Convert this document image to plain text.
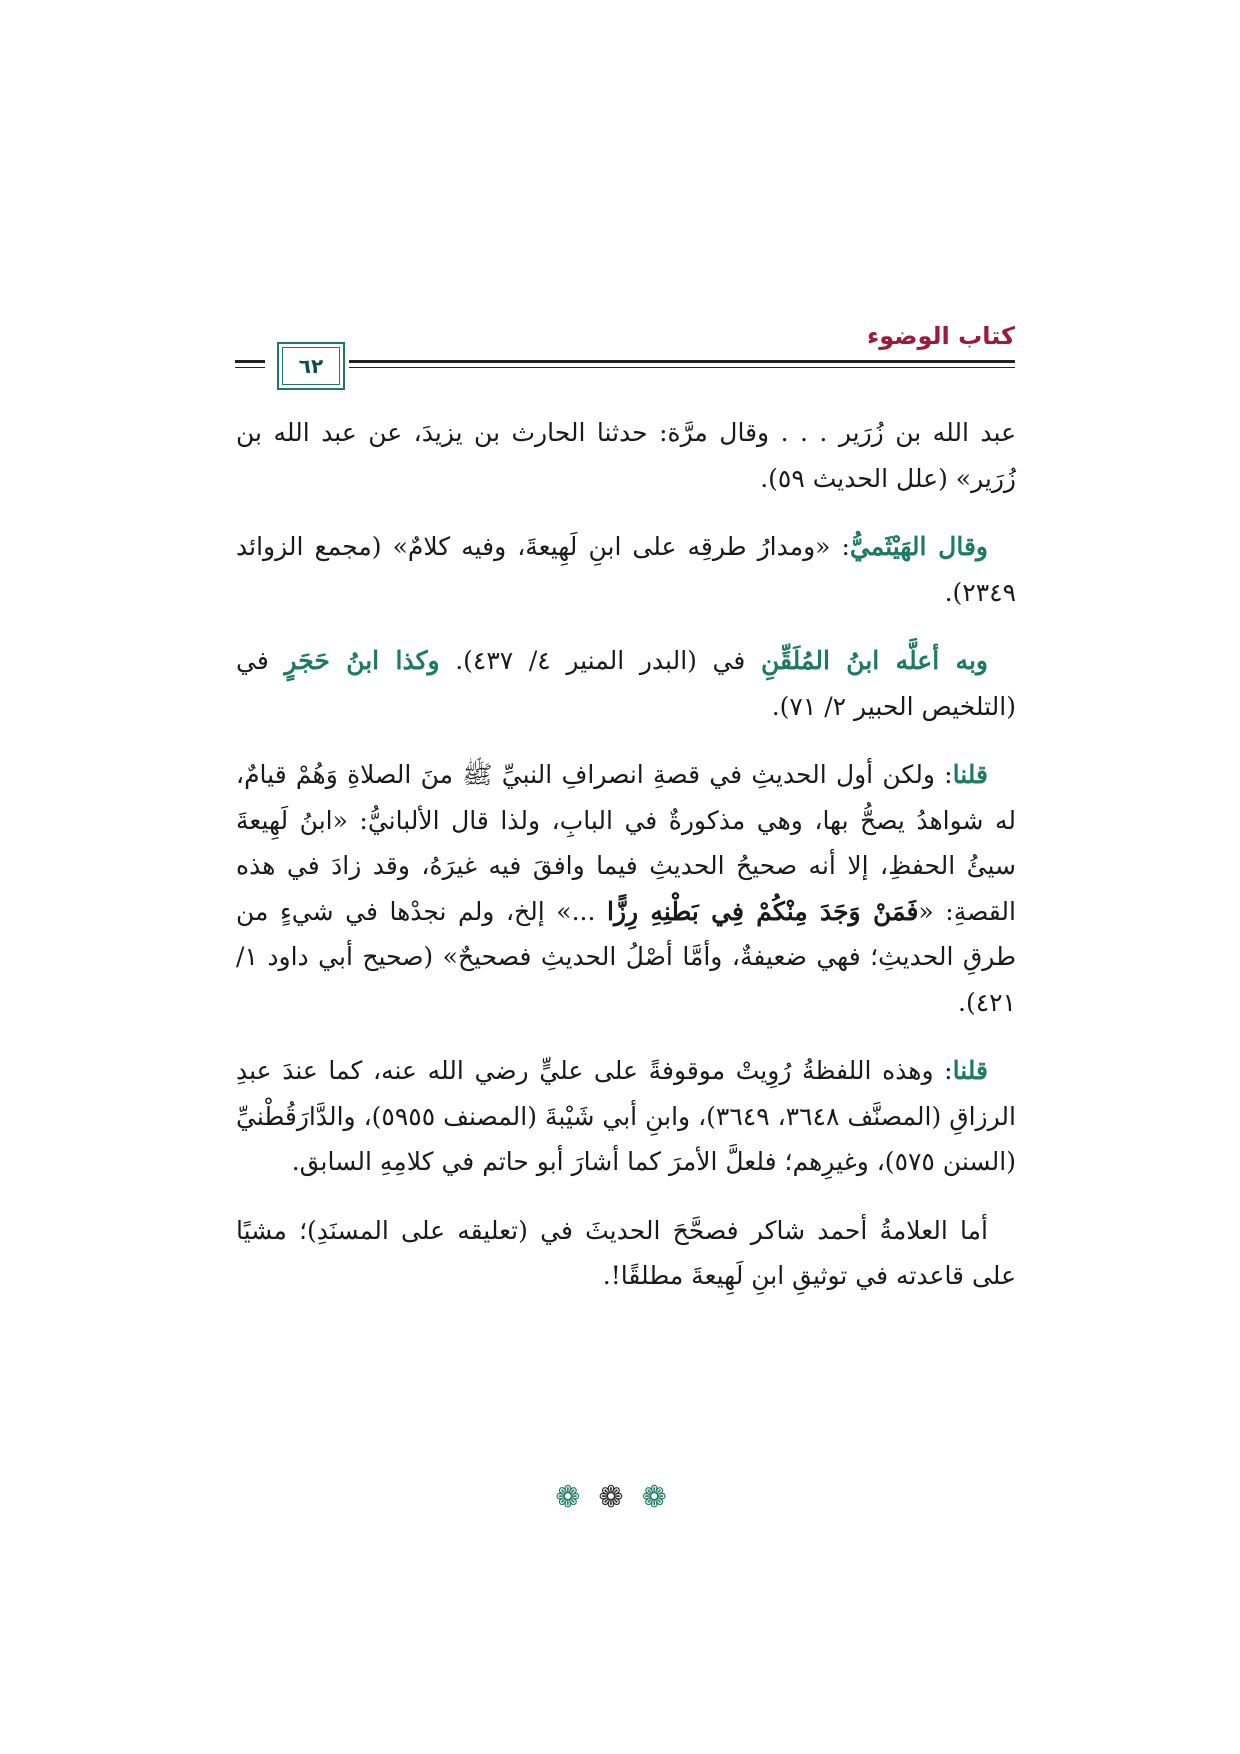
كتاب الوضوء
٦٢

عبد الله بن زُرَير . . . وقال مرَّة: حدثنا الحارث بن يزيدَ، عن عبد الله بن زُرَير» (علل الحديث ٥٩).

وقال الهَيْثَميُّ: «ومدارُ طرقِه على ابنِ لَهِيعةَ، وفيه كلامٌ» (مجمع الزوائد ٢٣٤٩).

وبه أعلَّه ابنُ المُلَقِّنِ في (البدر المنير ٤/ ٤٣٧). وكذا ابنُ حَجَرٍ في (التلخيص الحبير ٢/ ٧١).

قلنا: ولكن أول الحديثِ في قصةِ انصرافِ النبيِّ ﷺ منَ الصلاةِ وَهُمْ قيامٌ، له شواهدُ يصحُّ بها، وهي مذكورةٌ في البابِ، ولذا قال الألبانيُّ: «ابنُ لَهِيعةَ سيئُ الحفظِ، إلا أنه صحيحُ الحديثِ فيما وافقَ فيه غيرَهُ، وقد زادَ في هذه القصةِ: «فَمَنْ وَجَدَ مِنْكُمْ فِي بَطْنِهِ رِزًّا ...» إلخ، ولم نجدْها في شيءٍ من طرقِ الحديثِ؛ فهي ضعيفةٌ، وأمَّا أصْلُ الحديثِ فصحيحٌ» (صحيح أبي داود ١/ ٤٢١).

قلنا: وهذه اللفظةُ رُوِيتْ موقوفةً على عليٍّ رضي الله عنه، كما عندَ عبدِ الرزاقِ (المصنَّف ٣٦٤٨، ٣٦٤٩)، وابنِ أبي شَيْبةَ (المصنف ٥٩٥٥)، والدَّارَقُطْنيِّ (السنن ٥٧٥)، وغيرِهم؛ فلعلَّ الأمرَ كما أشارَ أبو حاتم في كلامِهِ السابق.

أما العلامةُ أحمد شاكر فصحَّحَ الحديثَ في (تعليقه على المسنَدِ)؛ مشيًا على قاعدته في توثيقِ ابنِ لَهِيعةَ مطلقًا!.

❁❁❁
